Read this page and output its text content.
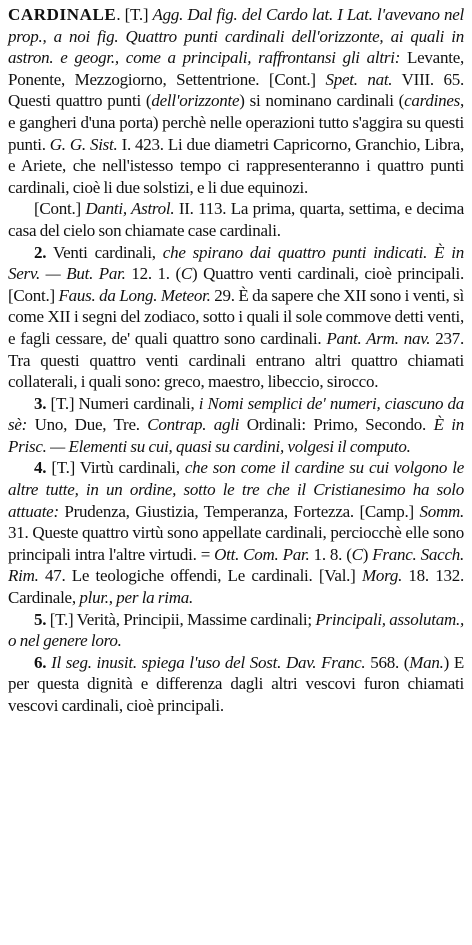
CARDINALE. [T.] Agg. Dal fig. del Cardo lat. I Lat. l'avevano nel prop., a noi fig. Quattro punti cardinali dell'orizzonte, ai quali in astron. e geogr., come a principali, raffrontansi gli altri: Levante, Ponente, Mezzogiorno, Settentrione. [Cont.] Spet. nat. VIII. 65. Questi quattro punti (dell'orizzonte) si nominano cardinali (cardines, e gangheri d'una porta) perchè nelle operazioni tutto s'aggira su questi punti. G. G. Sist. I. 423. Li due diametri Capricorno, Granchio, Libra, e Ariete, che nell'istesso tempo ci rappresenteranno i quattro punti cardinali, cioè li due solstizi, e li due equinozi.

[Cont.] Danti, Astrol. II. 113. La prima, quarta, settima, e decima casa del cielo son chiamate case cardinali.

2. Venti cardinali, che spirano dai quattro punti indicati. È in Serv. — But. Par. 12. 1. (C) Quattro venti cardinali, cioè principali. [Cont.] Faus. da Long. Meteor. 29. È da sapere che XII sono i venti, sì come XII i segni del zodiaco, sotto i quali il sole commove detti venti, e fagli cessare, de' quali quattro sono cardinali. Pant. Arm. nav. 237. Tra questi quattro venti cardinali entrano altri quattro chiamati collaterali, i quali sono: greco, maestro, libeccio, sirocco.

3. [T.] Numeri cardinali, i Nomi semplici de' numeri, ciascuno da sè: Uno, Due, Tre. Contrap. agli Ordinali: Primo, Secondo. È in Prisc. — Elementi su cui, quasi su cardini, volgesi il computo.

4. [T.] Virtù cardinali, che son come il cardine su cui volgono le altre tutte, in un ordine, sotto le tre che il Cristianesimo ha solo attuate: Prudenza, Giustizia, Temperanza, Fortezza. [Camp.] Somm. 31. Queste quattro virtù sono appellate cardinali, perciocchè elle sono principali intra l'altre virtudi. = Ott. Com. Par. 1. 8. (C) Franc. Sacch. Rim. 47. Le teologiche offendi, Le cardinali. [Val.] Morg. 18. 132. Cardinale, plur., per la rima.

5. [T.] Verità, Principii, Massime cardinali; Principali, assolutam., o nel genere loro.

6. Il seg. inusit. spiega l'uso del Sost. Dav. Franc. 568. (Man.) E per questa dignità e differenza dagli altri vescovi furon chiamati vescovi cardinali, cioè principali.
